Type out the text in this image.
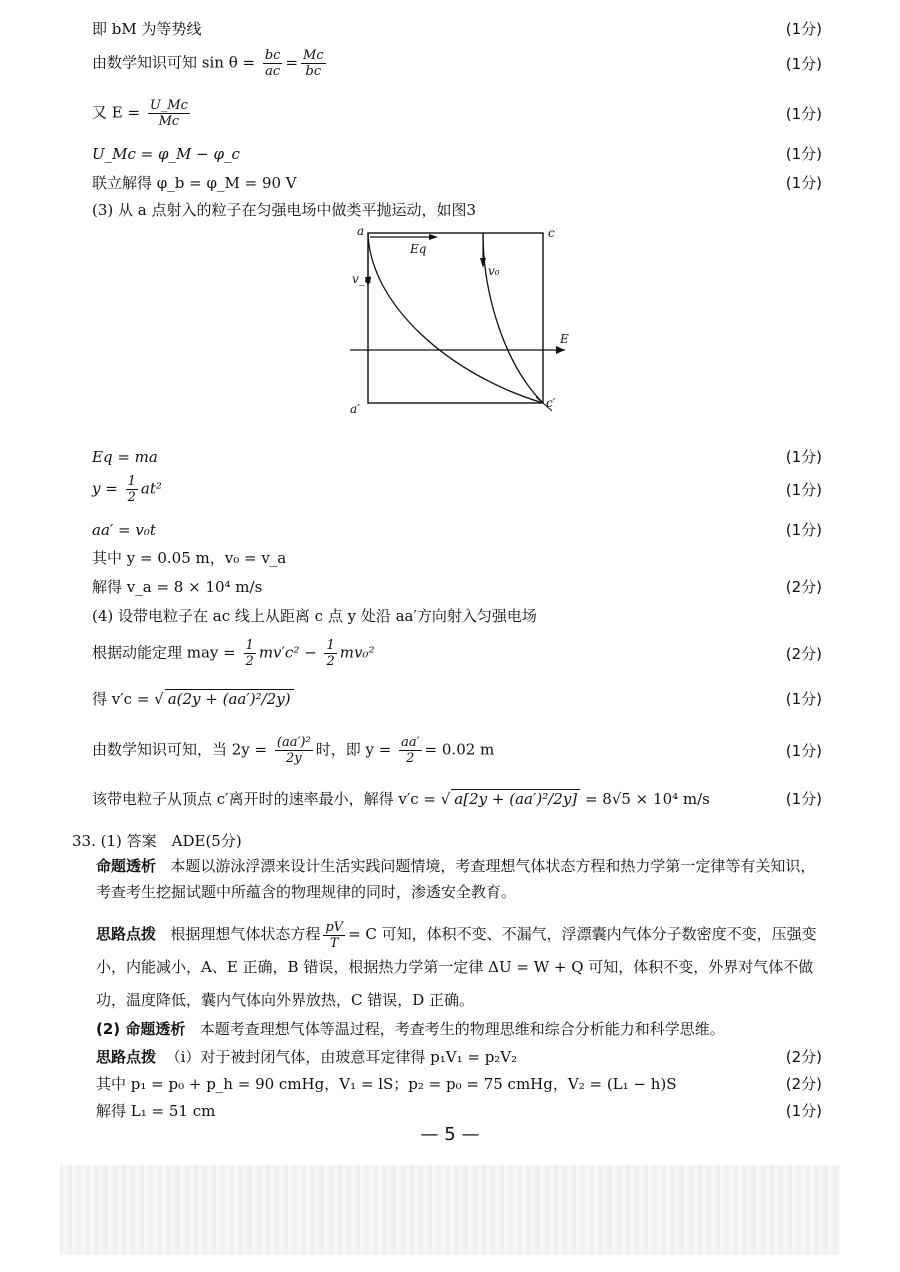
即 bM 为等势线	(1分)
由数学知识可知 $\sin \theta = \frac{bc}{ac} = \frac{Mc}{bc}$	(1分)
又 $E = \frac{U\_Mc}{Mc}$	(1分)
U_Mc = φ_M − φ_c	(1分)
联立解得 φ_b = φ_M = 90 V	(1分)
(3) 从 a 点射入的粒子在匀强电场中做类平抛运动，如图3
a	c
a′	c′
Eq
v₀
v_a
E
Eq = ma	(1分)
$y = \frac{1}{2} at^2$	(1分)
aa′ = v₀t	(1分)
其中 y = 0.05 m，v₀ = v_a
解得 v_a = 8 × 10⁴ m/s	(2分)
(4) 设带电粒子在 ac 线上从距离 c 点 y 处沿 aa′方向射入匀强电场
根据动能定理 may = $\frac{1}{2} mv'c^2 - \frac{1}{2} mv_0^2$	(2分)
得 v′c = √ a(2y + (aa′)²/2y)	(1分)
由数学知识可知，当 $2y = \frac{\text{(aa′)²}}{2y}$ 时，即 $y = \frac{aa'}{2} = 0.02$ m	(1分)
该带电粒子从顶点 c′离开时的速率最小，解得 v′c = √ a[2y + (aa′)²/2y] = 8√5 × 10⁴ m/s	(1分)
33. (1) 答案　ADE(5分)
命题透析 本题以游泳浮漂来设计生活实践问题情境，考查理想气体状态方程和热力学第一定律等有关知识，考查考生挖掘试题中所蕴含的物理规律的同时，渗透安全教育。
思路点拨 根据理想气体状态方程 $\frac{pV}{T} = C$ 可知，体积不变、不漏气，浮漂囊内气体分子数密度不变，压强变小，内能减小，A、E 正确，B 错误，根据热力学第一定律 ΔU = W + Q 可知，体积不变，外界对气体不做功，温度降低，囊内气体向外界放热，C 错误，D 正确。
(2) 命题透析 本题考查理想气体等温过程，考查考生的物理思维和综合分析能力和科学思维。
思路点拨 （ⅰ）对于被封闭气体，由玻意耳定律得 p₁V₁ = p₂V₂	(2分)
其中 p₁ = p₀ + p_h = 90 cmHg，V₁ = lS；p₂ = p₀ = 75 cmHg，V₂ = (L₁ − h)S	(2分)
解得 L₁ = 51 cm	(1分)
— 5 —
